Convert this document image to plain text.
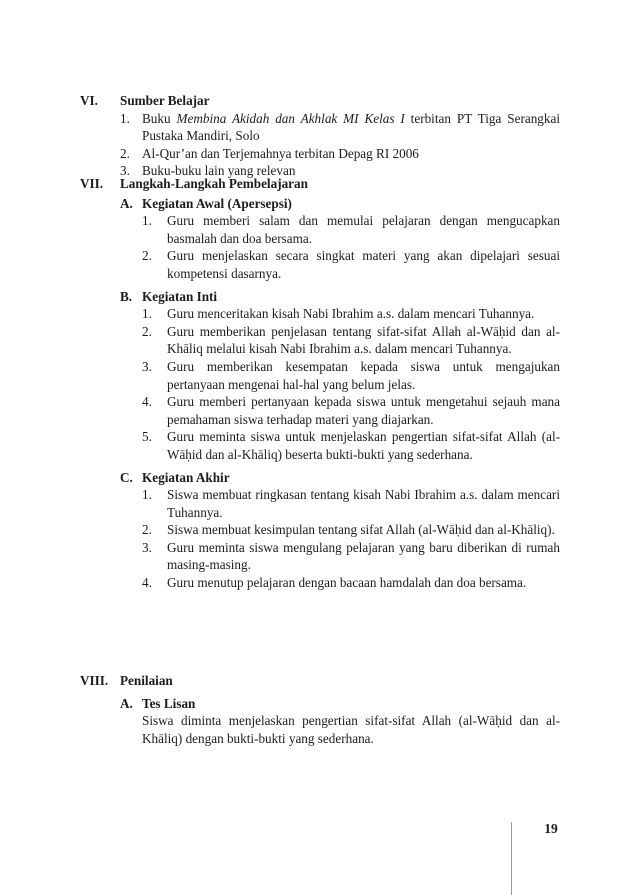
VI.	Sumber Belajar
1. Buku Membina Akidah dan Akhlak MI Kelas I terbitan PT Tiga Serangkai Pustaka Mandiri, Solo
2. Al-Qur’an dan Terjemahnya terbitan Depag RI 2006
3. Buku-buku lain yang relevan
VII.	Langkah-Langkah Pembelajaran
A. Kegiatan Awal (Apersepsi)
1.	Guru memberi salam dan memulai pelajaran dengan mengucapkan basmalah dan doa bersama.
2.	Guru menjelaskan secara singkat materi yang akan dipelajari sesuai kompetensi dasarnya.
B. Kegiatan Inti
1.	Guru menceritakan kisah Nabi Ibrahim a.s. dalam mencari Tuhannya.
2.	Guru memberikan penjelasan tentang sifat-sifat Allah al-Wāḥid dan al-Khāliq melalui kisah Nabi Ibrahim a.s. dalam mencari Tuhannya.
3.	Guru memberikan kesempatan kepada siswa untuk mengajukan pertanyaan mengenai hal-hal yang belum jelas.
4.	Guru memberi pertanyaan kepada siswa untuk mengetahui sejauh mana pemahaman siswa terhadap materi yang diajarkan.
5.	Guru meminta siswa untuk menjelaskan pengertian sifat-sifat Allah (al-Wāḥid dan al-Khāliq) beserta bukti-bukti yang sederhana.
C. Kegiatan Akhir
1.	Siswa membuat ringkasan tentang kisah Nabi Ibrahim a.s. dalam mencari Tuhannya.
2.	Siswa membuat kesimpulan tentang sifat Allah (al-Wāḥid dan al-Khāliq).
3.	Guru meminta siswa mengulang pelajaran yang baru diberikan di rumah masing-masing.
4.	Guru menutup pelajaran dengan bacaan hamdalah dan doa bersama.
VIII. Penilaian
A. Tes Lisan
Siswa diminta menjelaskan pengertian sifat-sifat Allah (al-Wāḥid dan al-Khāliq) dengan bukti-bukti yang sederhana.
19
